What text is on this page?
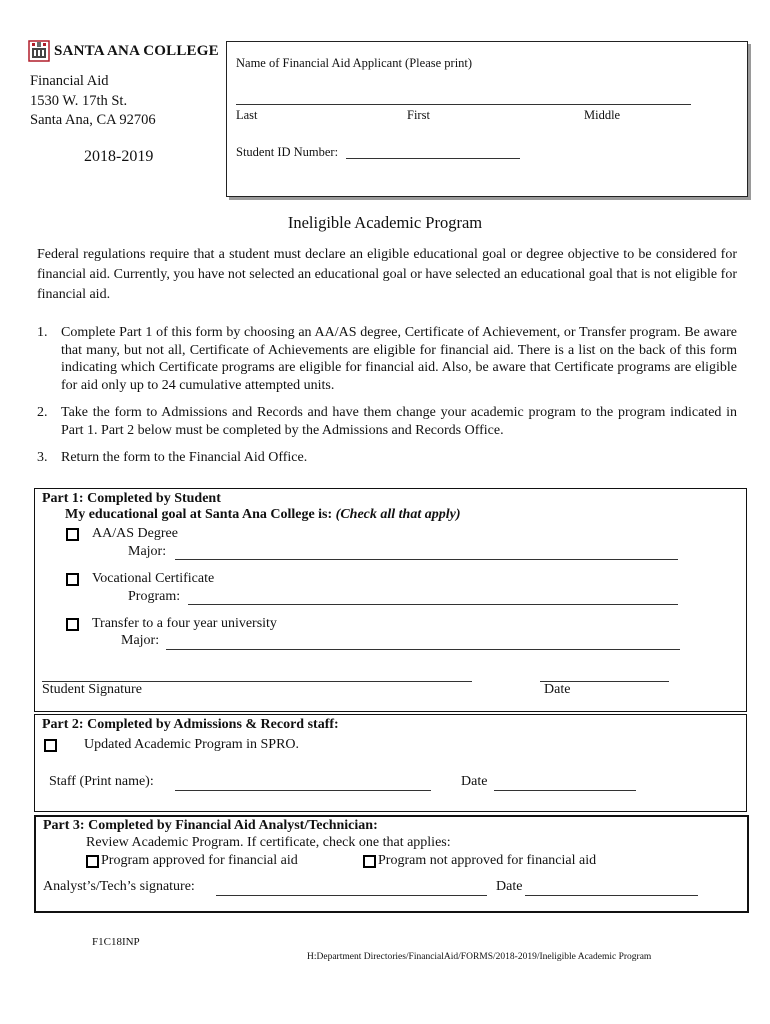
SANTA ANA COLLEGE
Financial Aid
1530 W. 17th St.
Santa Ana, CA 92706
2018-2019
Name of Financial Aid Applicant (Please print)
Last	First	Middle
Student ID Number:
Ineligible Academic Program
Federal regulations require that a student must declare an eligible educational goal or degree objective to be considered for financial aid. Currently, you have not selected an educational goal or have selected an educational goal that is not eligible for financial aid.
1. Complete Part 1 of this form by choosing an AA/AS degree, Certificate of Achievement, or Transfer program. Be aware that many, but not all, Certificate of Achievements are eligible for financial aid. There is a list on the back of this form indicating which Certificate programs are eligible for financial aid. Also, be aware that Certificate programs are eligible for aid only up to 24 cumulative attempted units.
2. Take the form to Admissions and Records and have them change your academic program to the program indicated in Part 1. Part 2 below must be completed by the Admissions and Records Office.
3. Return the form to the Financial Aid Office.
Part 1: Completed by Student
My educational goal at Santa Ana College is: (Check all that apply)
AA/AS Degree
Major:
Vocational Certificate
Program:
Transfer to a four year university
Major:
Student Signature	Date
Part 2: Completed by Admissions & Record staff:
Updated Academic Program in SPRO.
Staff (Print name):	Date
Part 3: Completed by Financial Aid Analyst/Technician:
Review Academic Program. If certificate, check one that applies:
Program approved for financial aid	Program not approved for financial aid
Analyst’s/Tech’s signature:	Date
F1C18INP
H:Department Directories/FinancialAid/FORMS/2018-2019/Ineligible Academic Program
